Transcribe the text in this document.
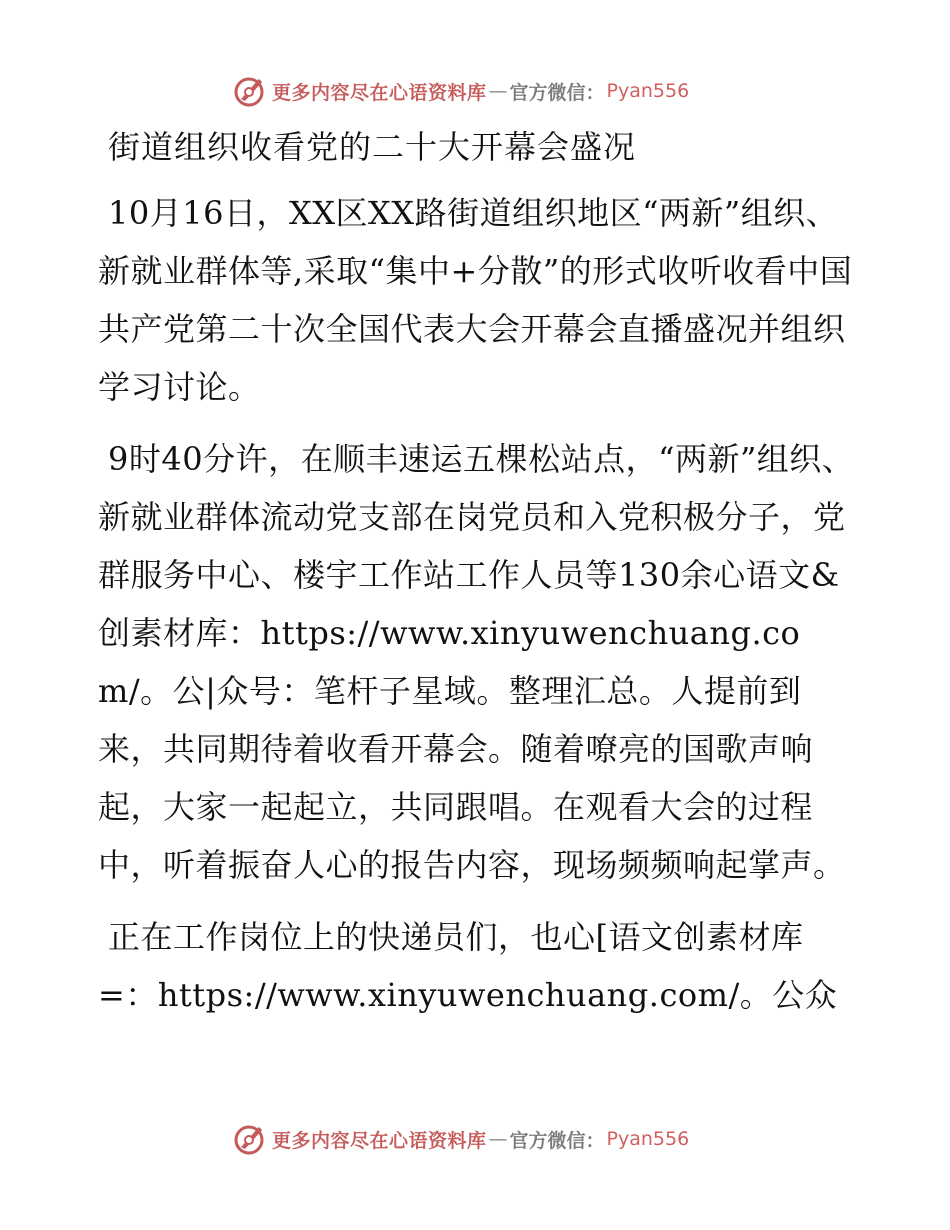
更多内容尽在心语资料库 — 官方微信： Pyan556
街道组织收看党的二十大开幕会盛况

10月16日，XX区XX路街道组织地区“两新”组织、新就业群体等,采取“集中+分散”的形式收听收看中国共产党第二十次全国代表大会开幕会直播盛况并组织学习讨论。

9时40分许，在顺丰速运五棵松站点，“两新”组织、新就业群体流动党支部在岗党员和入党积极分子，党群服务中心、楼宇工作站工作人员等130余心语文&创素材库：https://www.xinyuwenchuang.com/。公|众号：笔杆子星域。整理汇总。人提前到来，共同期待着收看开幕会。随着嘹亮的国歌声响起，大家一起起立，共同跟唱。在观看大会的过程中，听着振奋人心的报告内容，现场频频响起掌声。

正在工作岗位上的快递员们，也心[语文创素材库=：https://www.xinyuwenchuang.com/。公众

更多内容尽在心语资料库 — 官方微信： Pyan556
